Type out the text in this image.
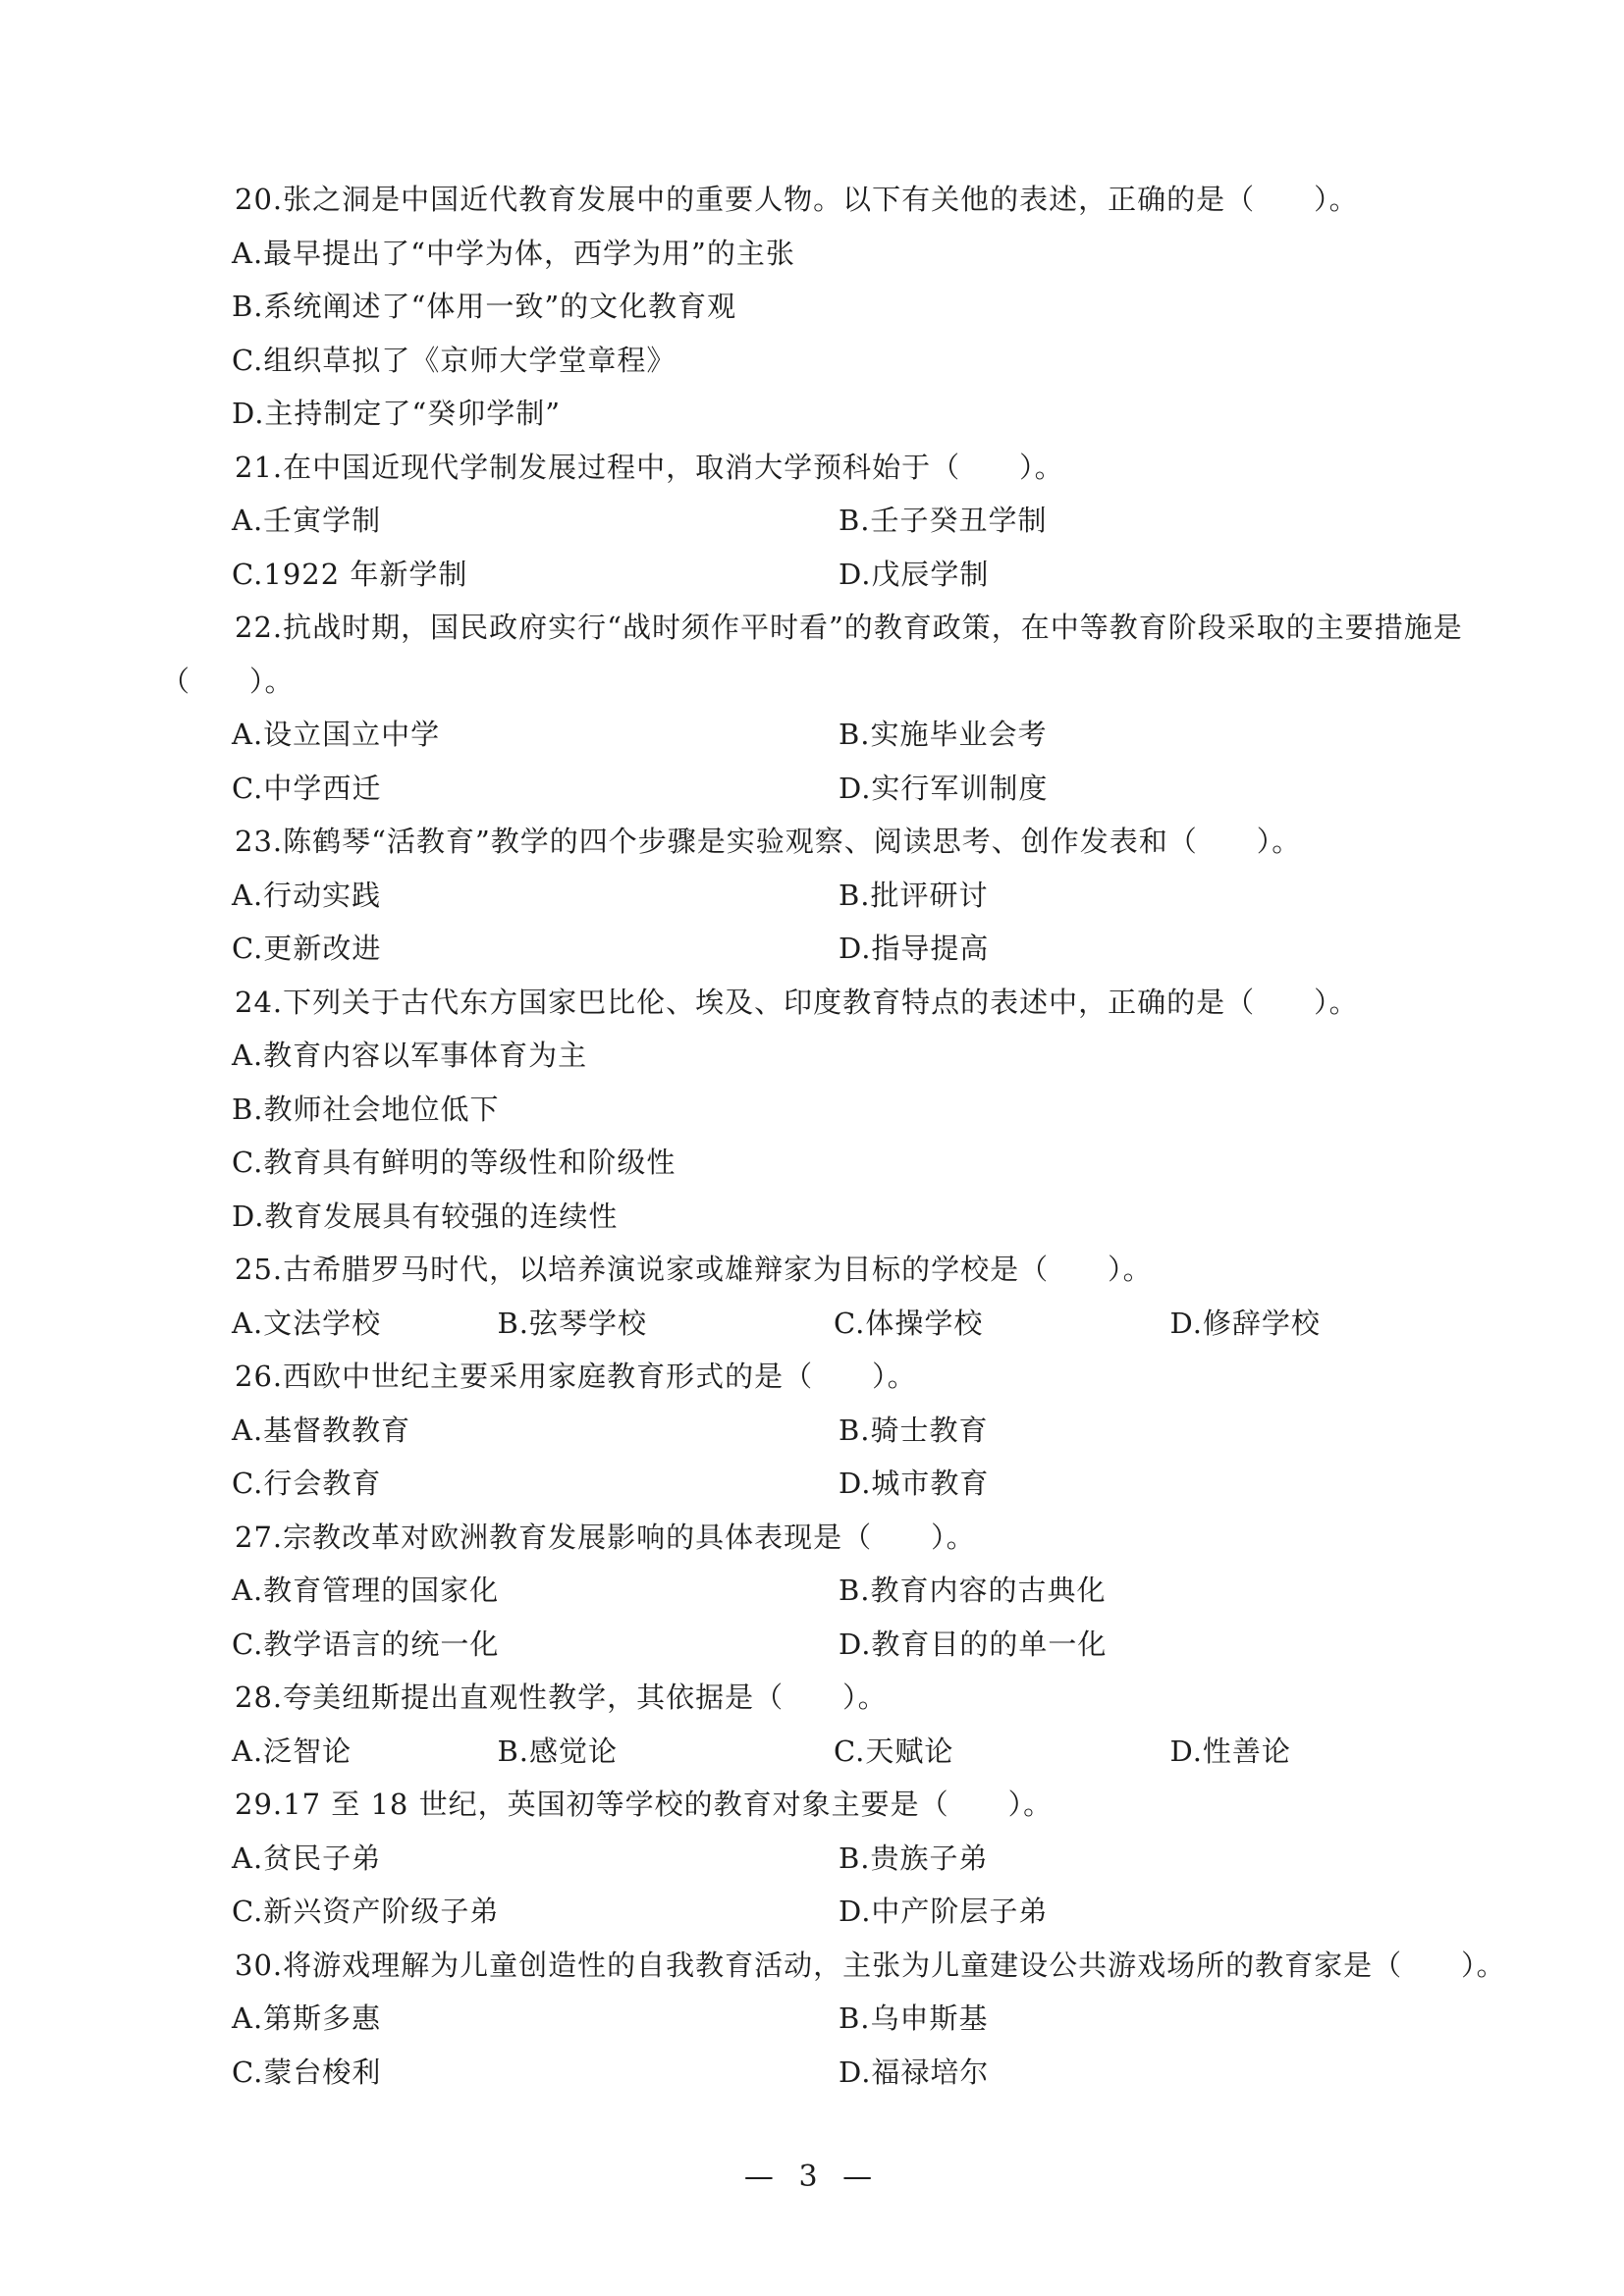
20.张之洞是中国近代教育发展中的重要人物。以下有关他的表述，正确的是（　　）。
A.最早提出了“中学为体，西学为用”的主张
B.系统阐述了“体用一致”的文化教育观
C.组织草拟了《京师大学堂章程》
D.主持制定了“癸卯学制”
21.在中国近现代学制发展过程中，取消大学预科始于（　　）。
A.壬寅学制	B.壬子癸丑学制
C.1922 年新学制	D.戊辰学制
22.抗战时期，国民政府实行“战时须作平时看”的教育政策，在中等教育阶段采取的主要措施是（　　）。
A.设立国立中学	B.实施毕业会考
C.中学西迁	D.实行军训制度
23.陈鹤琴“活教育”教学的四个步骤是实验观察、阅读思考、创作发表和（　　）。
A.行动实践	B.批评研讨
C.更新改进	D.指导提高
24.下列关于古代东方国家巴比伦、埃及、印度教育特点的表述中，正确的是（　　）。
A.教育内容以军事体育为主
B.教师社会地位低下
C.教育具有鲜明的等级性和阶级性
D.教育发展具有较强的连续性
25.古希腊罗马时代，以培养演说家或雄辩家为目标的学校是（　　）。
A.文法学校	B.弦琴学校	C.体操学校	D.修辞学校
26.西欧中世纪主要采用家庭教育形式的是（　　）。
A.基督教教育	B.骑士教育
C.行会教育	D.城市教育
27.宗教改革对欧洲教育发展影响的具体表现是（　　）。
A.教育管理的国家化	B.教育内容的古典化
C.教学语言的统一化	D.教育目的的单一化
28.夸美纽斯提出直观性教学，其依据是（　　）。
A.泛智论	B.感觉论	C.天赋论	D.性善论
29.17 至 18 世纪，英国初等学校的教育对象主要是（　　）。
A.贫民子弟	B.贵族子弟
C.新兴资产阶级子弟	D.中产阶层子弟
30.将游戏理解为儿童创造性的自我教育活动，主张为儿童建设公共游戏场所的教育家是（　　）。
A.第斯多惠	B.乌申斯基
C.蒙台梭利	D.福禄培尔
— 3 —
